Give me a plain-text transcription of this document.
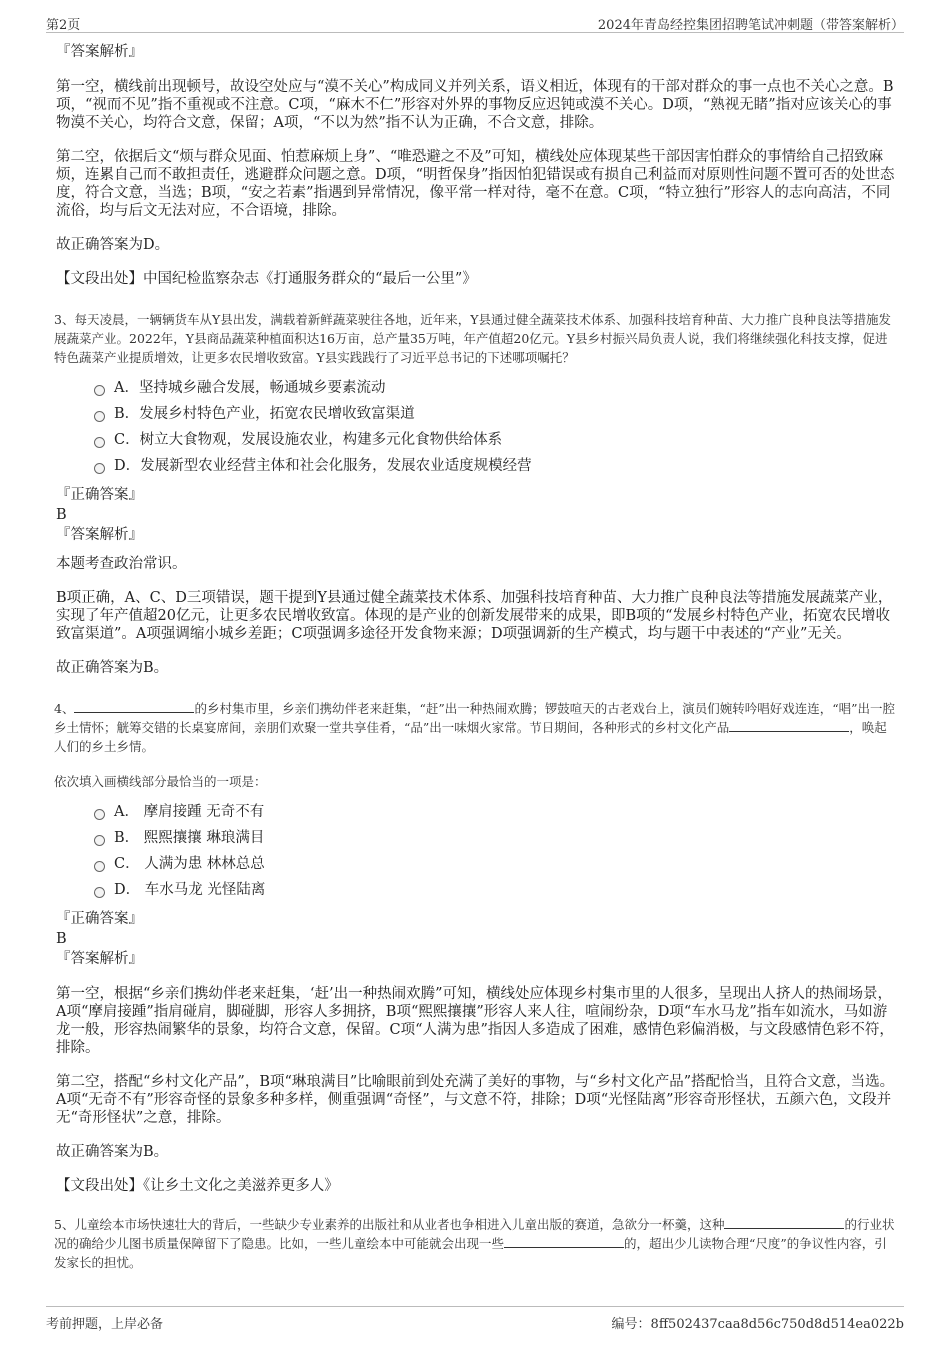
第2页	2024年青岛经控集团招聘笔试冲刺题（带答案解析）
『答案解析』

第一空，横线前出现顿号，故设空处应与“漠不关心”构成同义并列关系，语义相近，体现有的干部对群众的事一点也不关心之意。B项，“视而不见”指不重视或不注意。C项，“麻木不仁”形容对外界的事物反应迟钝或漠不关心。D项，“熟视无睹”指对应该关心的事物漠不关心，均符合文意，保留；A项，“不以为然”指不认为正确，不合文意，排除。

第二空，依据后文“烦与群众见面、怕惹麻烦上身”、“唯恐避之不及”可知，横线处应体现某些干部因害怕群众的事情给自己招致麻烦，连累自己而不敢担责任，逃避群众问题之意。D项，“明哲保身”指因怕犯错误或有损自己利益而对原则性问题不置可否的处世态度，符合文意，当选；B项，“安之若素”指遇到异常情况，像平常一样对待，毫不在意。C项，“特立独行”形容人的志向高洁，不同流俗，均与后文无法对应，不合语境，排除。

故正确答案为D。

【文段出处】中国纪检监察杂志《打通服务群众的“最后一公里”》

3、每天凌晨，一辆辆货车从Y县出发，满载着新鲜蔬菜驶往各地，近年来，Y县通过健全蔬菜技术体系、加强科技培育种苗、大力推广良种良法等措施发展蔬菜产业。2022年，Y县商品蔬菜种植面积达16万亩，总产量35万吨，年产值超20亿元。Y县乡村振兴局负责人说，我们将继续强化科技支撑，促进特色蔬菜产业提质增效，让更多农民增收致富。Y县实践践行了习近平总书记的下述哪项嘱托？
A．坚持城乡融合发展，畅通城乡要素流动
B．发展乡村特色产业，拓宽农民增收致富渠道
C．树立大食物观，发展设施农业，构建多元化食物供给体系
D．发展新型农业经营主体和社会化服务，发展农业适度规模经营
『正确答案』
B
『答案解析』

本题考查政治常识。

B项正确，A、C、D三项错误，题干提到Y县通过健全蔬菜技术体系、加强科技培育种苗、大力推广良种良法等措施发展蔬菜产业，实现了年产值超20亿元，让更多农民增收致富。体现的是产业的创新发展带来的成果，即B项的“发展乡村特色产业，拓宽农民增收致富渠道”。A项强调缩小城乡差距；C项强调多途径开发食物来源；D项强调新的生产模式，均与题干中表述的“产业”无关。

故正确答案为B。

4、	的乡村集市里，乡亲们携幼伴老来赶集，“赶”出一种热闹欢腾；锣鼓喧天的古老戏台上，演员们婉转吟唱好戏连连，“唱”出一腔乡土情怀；觥筹交错的长桌宴席间，亲朋们欢聚一堂共享佳肴，“品”出一味烟火家常。节日期间，各种形式的乡村文化产品	，唤起人们的乡土乡情。
依次填入画横线部分最恰当的一项是：
A． 摩肩接踵 无奇不有
B． 熙熙攘攘 琳琅满目
C． 人满为患 林林总总
D． 车水马龙 光怪陆离
『正确答案』
B
『答案解析』

第一空，根据“乡亲们携幼伴老来赶集，‘赶’出一种热闹欢腾”可知，横线处应体现乡村集市里的人很多，呈现出人挤人的热闹场景，A项“摩肩接踵”指肩碰肩，脚碰脚，形容人多拥挤，B项“熙熙攘攘”形容人来人往，喧闹纷杂，D项“车水马龙”指车如流水，马如游龙一般，形容热闹繁华的景象，均符合文意，保留。C项“人满为患”指因人多造成了困难，感情色彩偏消极，与文段感情色彩不符，排除。

第二空，搭配“乡村文化产品”，B项“琳琅满目”比喻眼前到处充满了美好的事物，与“乡村文化产品”搭配恰当，且符合文意，当选。A项“无奇不有”形容奇怪的景象多种多样，侧重强调“奇怪”，与文意不符，排除；D项“光怪陆离”形容奇形怪状，五颜六色，文段并无“奇形怪状”之意，排除。

故正确答案为B。

【文段出处】《让乡土文化之美滋养更多人》

5、儿童绘本市场快速壮大的背后，一些缺少专业素养的出版社和从业者也争相进入儿童出版的赛道，急欲分一杯羹，这种	的行业状况的确给少儿图书质量保障留下了隐患。比如，一些儿童绘本中可能就会出现一些	的，超出少儿读物合理“尺度”的争议性内容，引发家长的担忧。
考前押题，上岸必备	编号：8ff502437caa8d56c750d8d514ea022b
